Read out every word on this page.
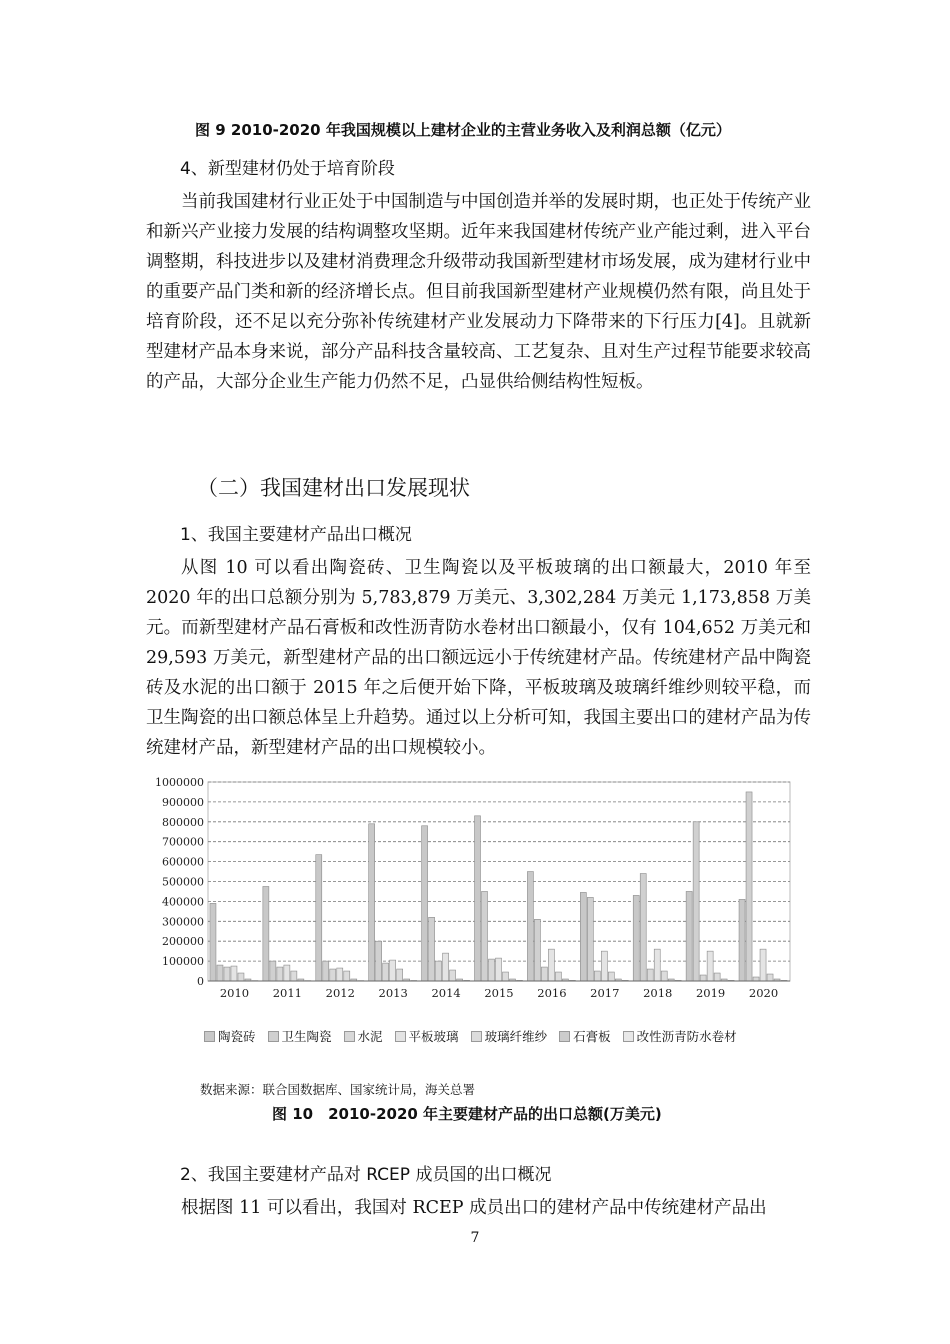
图 9 2010-2020 年我国规模以上建材企业的主营业务收入及利润总额（亿元）
4、新型建材仍处于培育阶段

当前我国建材行业正处于中国制造与中国创造并举的发展时期，也正处于传统产业和新兴产业接力发展的结构调整攻坚期。近年来我国建材传统产业产能过剩，进入平台调整期，科技进步以及建材消费理念升级带动我国新型建材市场发展，成为建材行业中的重要产品门类和新的经济增长点。但目前我国新型建材产业规模仍然有限，尚且处于培育阶段，还不足以充分弥补传统建材产业发展动力下降带来的下行压力[4]。且就新型建材产品本身来说，部分产品科技含量较高、工艺复杂、且对生产过程节能要求较高的产品，大部分企业生产能力仍然不足，凸显供给侧结构性短板。

（二）我国建材出口发展现状
1、我国主要建材产品出口概况

从图 10 可以看出陶瓷砖、卫生陶瓷以及平板玻璃的出口额最大，2010 年至 2020 年的出口总额分别为 5,783,879 万美元、3,302,284 万美元 1,173,858 万美元。而新型建材产品石膏板和改性沥青防水卷材出口额最小，仅有 104,652 万美元和 29,593 万美元，新型建材产品的出口额远远小于传统建材产品。传统建材产品中陶瓷砖及水泥的出口额于 2015 年之后便开始下降，平板玻璃及玻璃纤维纱则较平稳，而卫生陶瓷的出口额总体呈上升趋势。通过以上分析可知，我国主要出口的建材产品为传统建材产品，新型建材产品的出口规模较小。

0
100000
200000
300000
400000
500000
600000
700000
800000
900000
1000000
2010 2011 2012 2013 2014 2015 2016 2017 2018 2019 2020
陶瓷砖	卫生陶瓷	水泥	平板玻璃	玻璃纤维纱	石膏板	改性沥青防水卷材
数据来源：联合国数据库、国家统计局，海关总署
图 10　2010-2020 年主要建材产品的出口总额(万美元)
2、我国主要建材产品对 RCEP 成员国的出口概况

根据图 11 可以看出，我国对 RCEP 成员出口的建材产品中传统建材产品出

7
